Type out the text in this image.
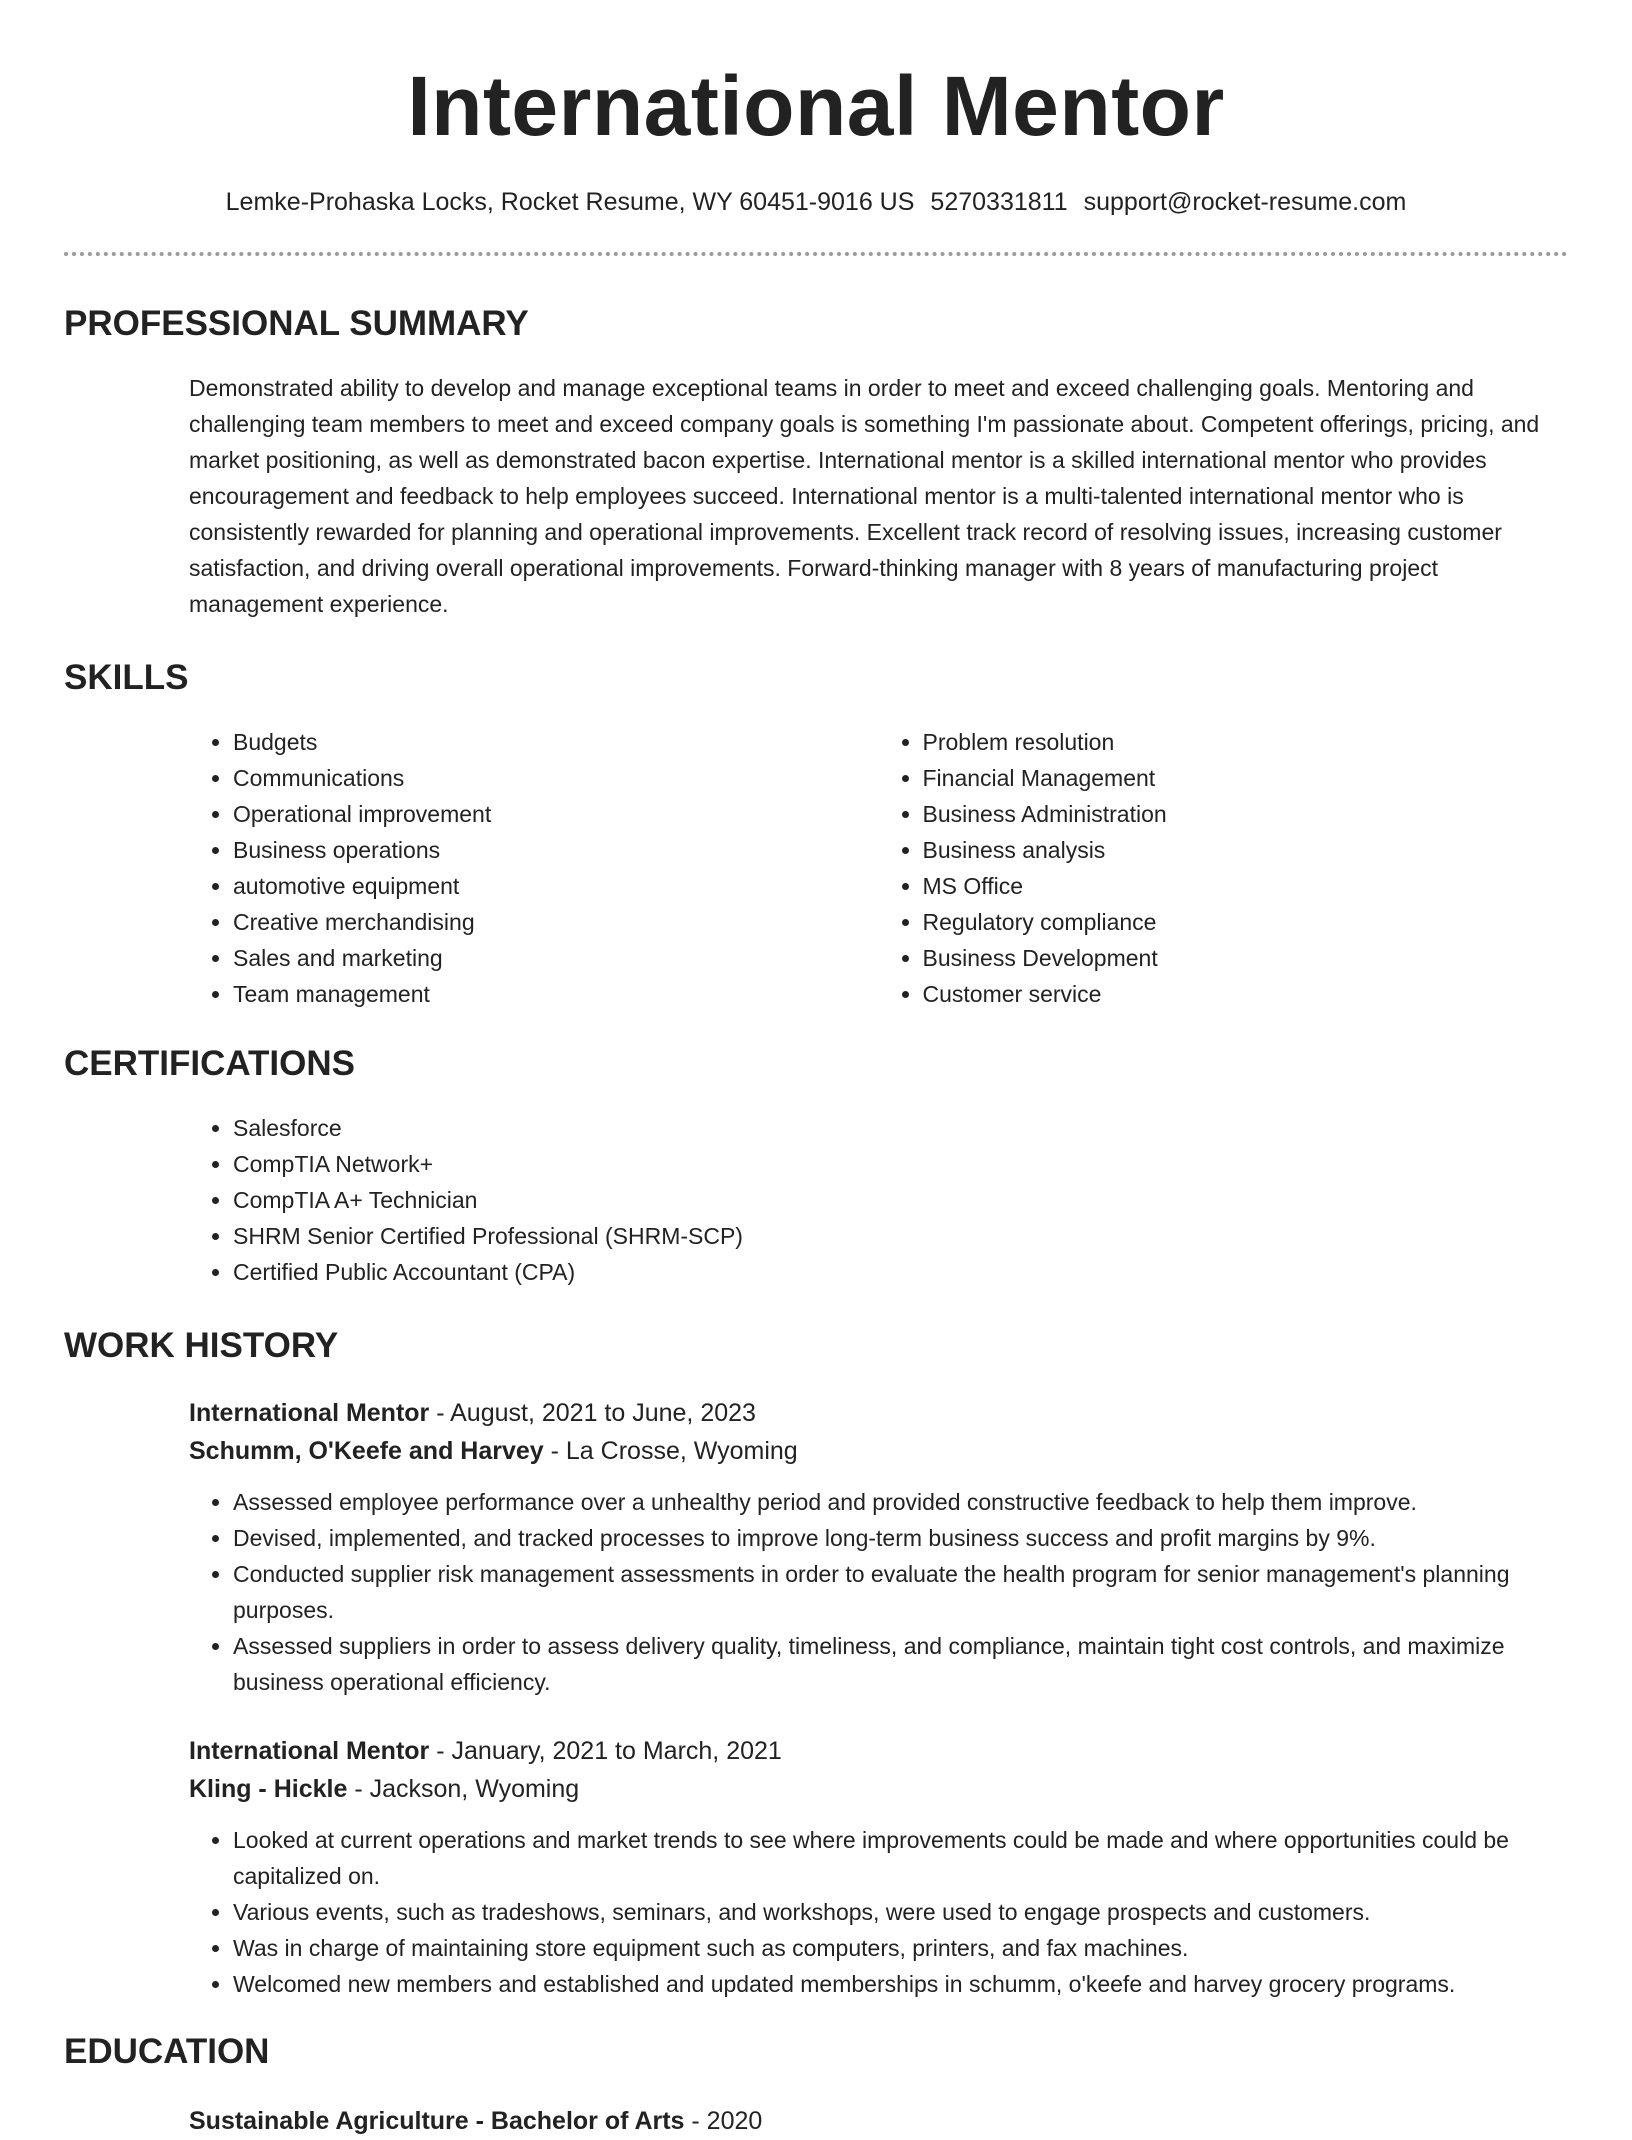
International Mentor
Lemke-Prohaska Locks, Rocket Resume, WY 60451-9016 US 5270331811 support@rocket-resume.com
PROFESSIONAL SUMMARY

Demonstrated ability to develop and manage exceptional teams in order to meet and exceed challenging goals. Mentoring and challenging team members to meet and exceed company goals is something I'm passionate about. Competent offerings, pricing, and market positioning, as well as demonstrated bacon expertise. International mentor is a skilled international mentor who provides encouragement and feedback to help employees succeed. International mentor is a multi-talented international mentor who is consistently rewarded for planning and operational improvements. Excellent track record of resolving issues, increasing customer satisfaction, and driving overall operational improvements. Forward-thinking manager with 8 years of manufacturing project management experience.

SKILLS
• Budgets
• Communications
• Operational improvement
• Business operations
• automotive equipment
• Creative merchandising
• Sales and marketing
• Team management
• Problem resolution
• Financial Management
• Business Administration
• Business analysis
• MS Office
• Regulatory compliance
• Business Development
• Customer service
CERTIFICATIONS
• Salesforce
• CompTIA Network+
• CompTIA A+ Technician
• SHRM Senior Certified Professional (SHRM-SCP)
• Certified Public Accountant (CPA)
WORK HISTORY
International Mentor - August, 2021 to June, 2023
Schumm, O'Keefe and Harvey - La Crosse, Wyoming
• Assessed employee performance over a unhealthy period and provided constructive feedback to help them improve.
• Devised, implemented, and tracked processes to improve long-term business success and profit margins by 9%.
• Conducted supplier risk management assessments in order to evaluate the health program for senior management's planning purposes.
• Assessed suppliers in order to assess delivery quality, timeliness, and compliance, maintain tight cost controls, and maximize business operational efficiency.
International Mentor - January, 2021 to March, 2021
Kling - Hickle - Jackson, Wyoming
• Looked at current operations and market trends to see where improvements could be made and where opportunities could be capitalized on.
• Various events, such as tradeshows, seminars, and workshops, were used to engage prospects and customers.
• Was in charge of maintaining store equipment such as computers, printers, and fax machines.
• Welcomed new members and established and updated memberships in schumm, o'keefe and harvey grocery programs.
EDUCATION
Sustainable Agriculture - Bachelor of Arts - 2020
